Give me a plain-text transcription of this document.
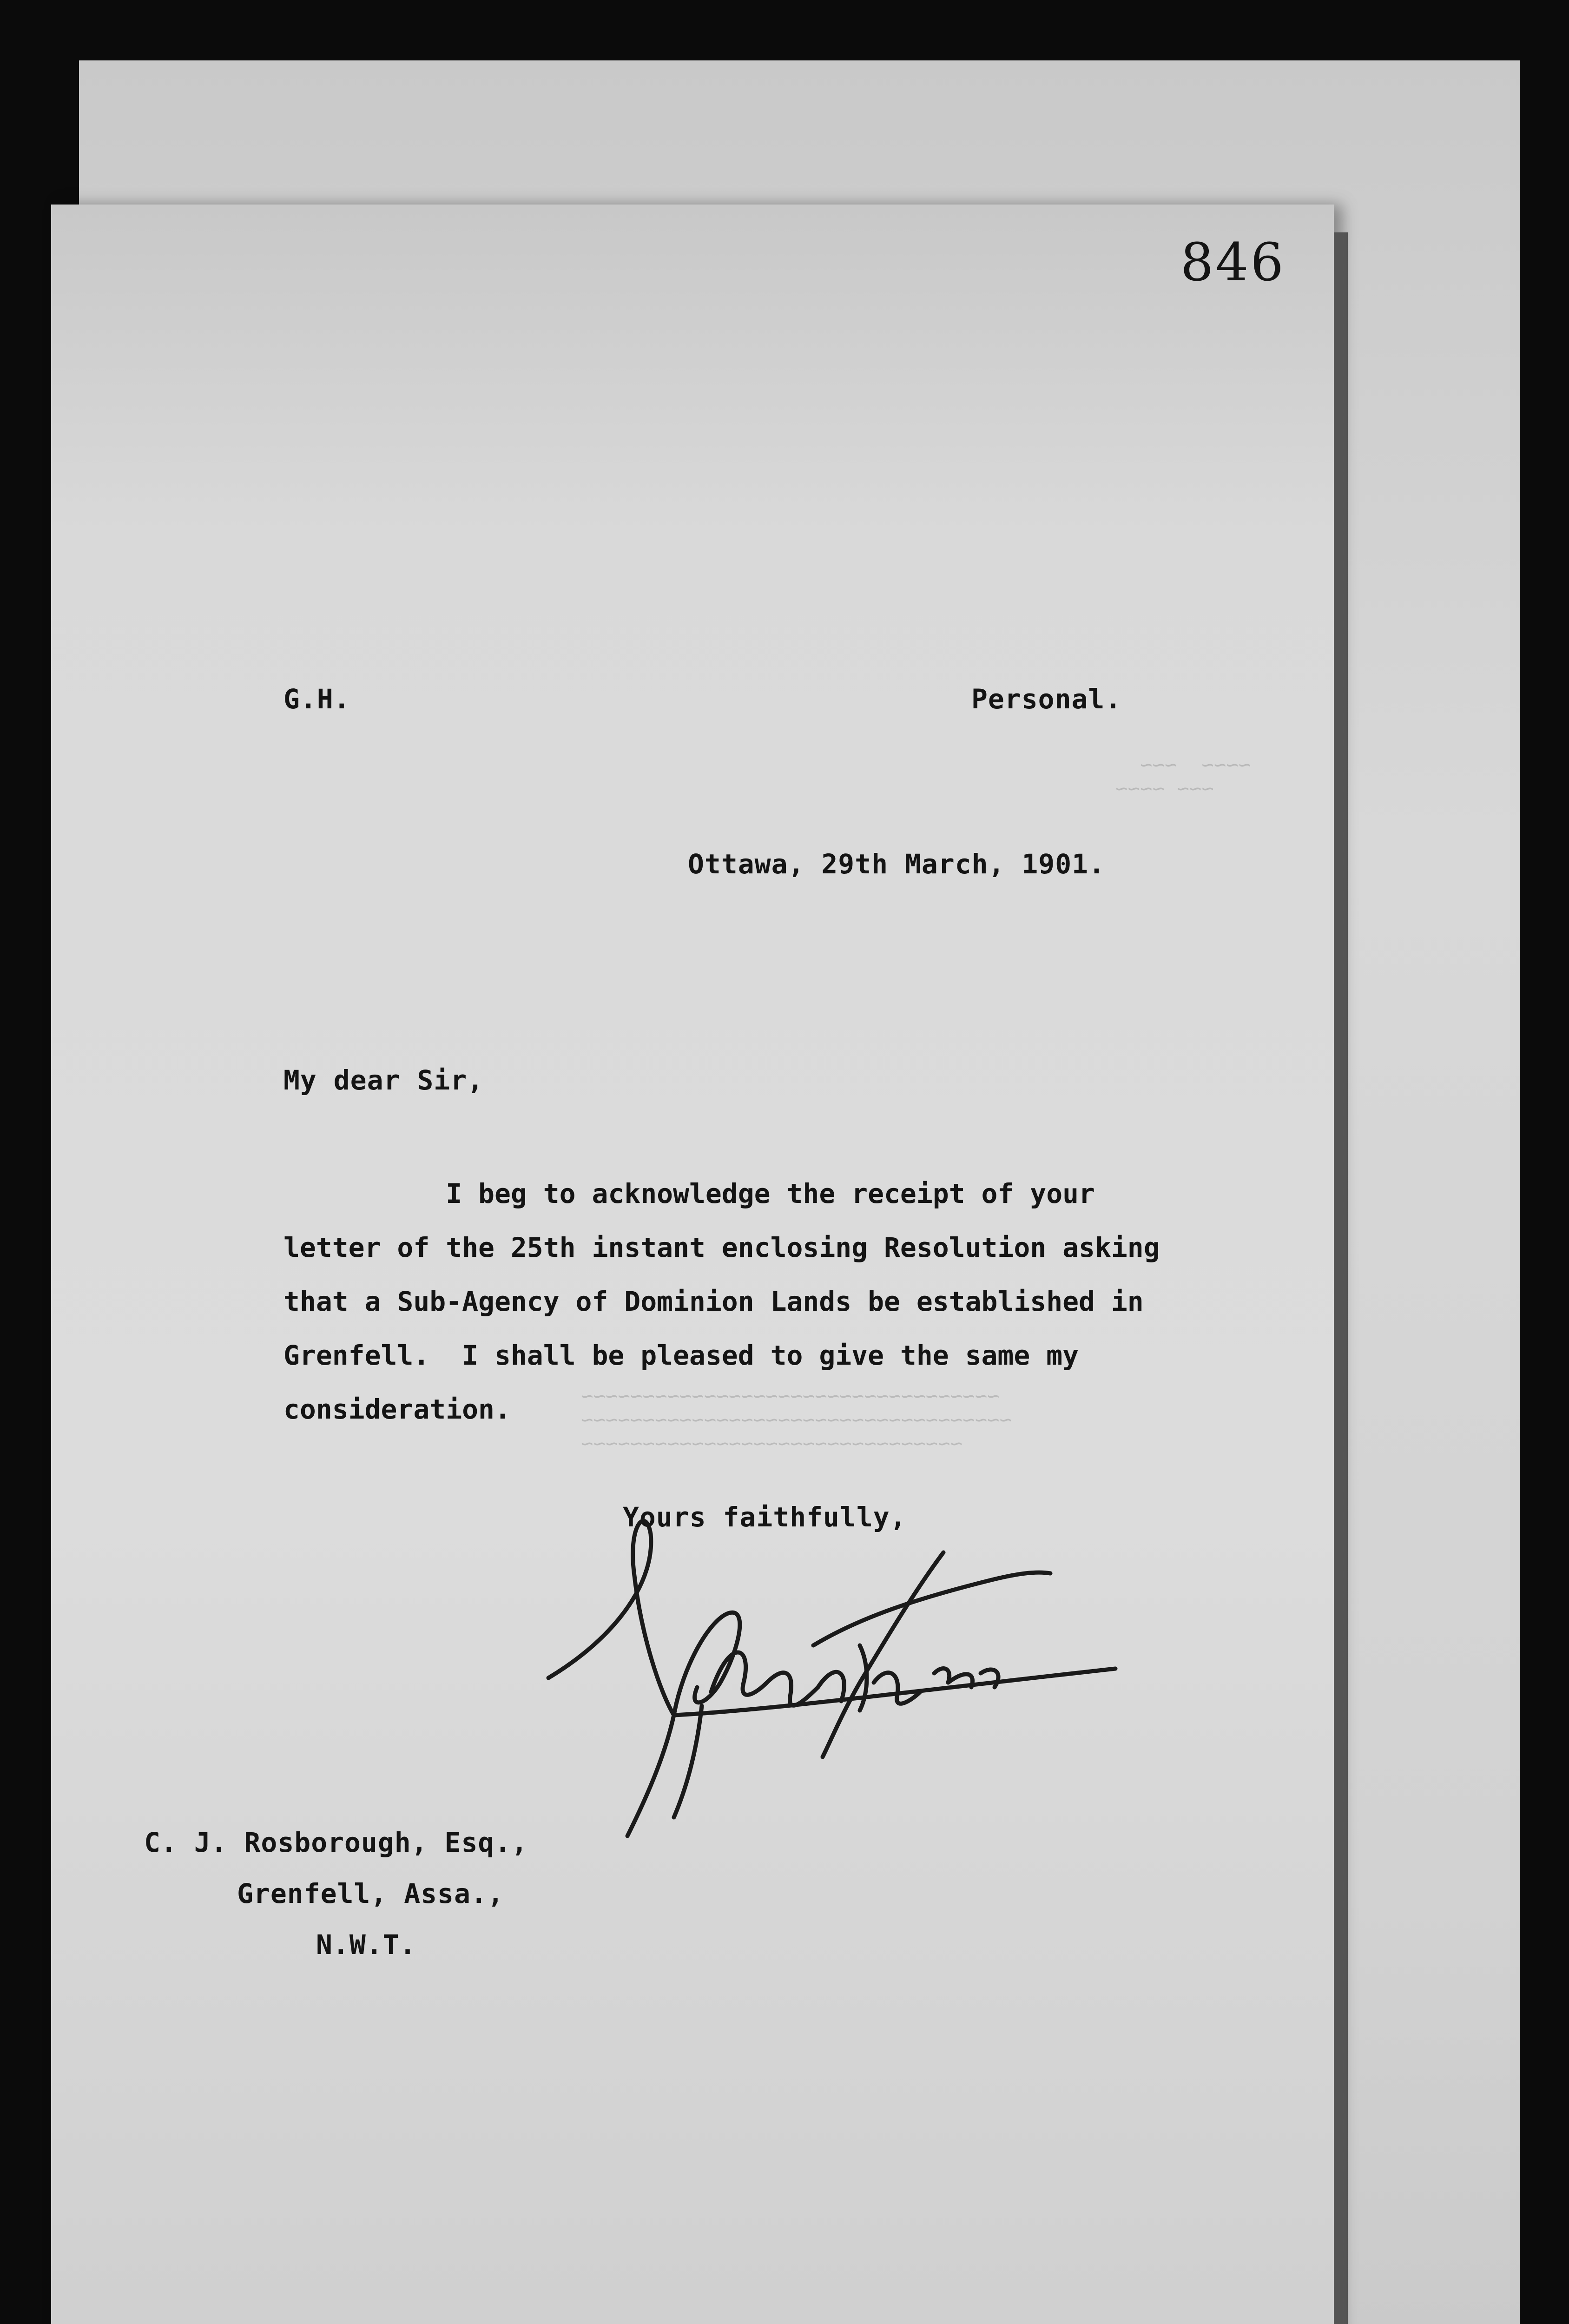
~~~~  ~~~
~~~ ~~~~
~~~~~~~~~~~~~~~~~~~~~~~~~~~~~~~
~~~~~~~~~~~~~~~~~~~~~~~~~~~~~~~~~~~
~~~~~~~~~~~~~~~~~~~~~~~~~~~~~~~~~~
846
G.H.	Personal.
Ottawa, 29th March, 1901.
My dear Sir,
I beg to acknowledge the receipt of your
letter of the 25th instant enclosing Resolution asking
that a Sub-Agency of Dominion Lands be established in
Grenfell.  I shall be pleased to give the same my
consideration.
Yours faithfully,
C. J. Rosborough, Esq.,
Grenfell, Assa.,
N.W.T.
